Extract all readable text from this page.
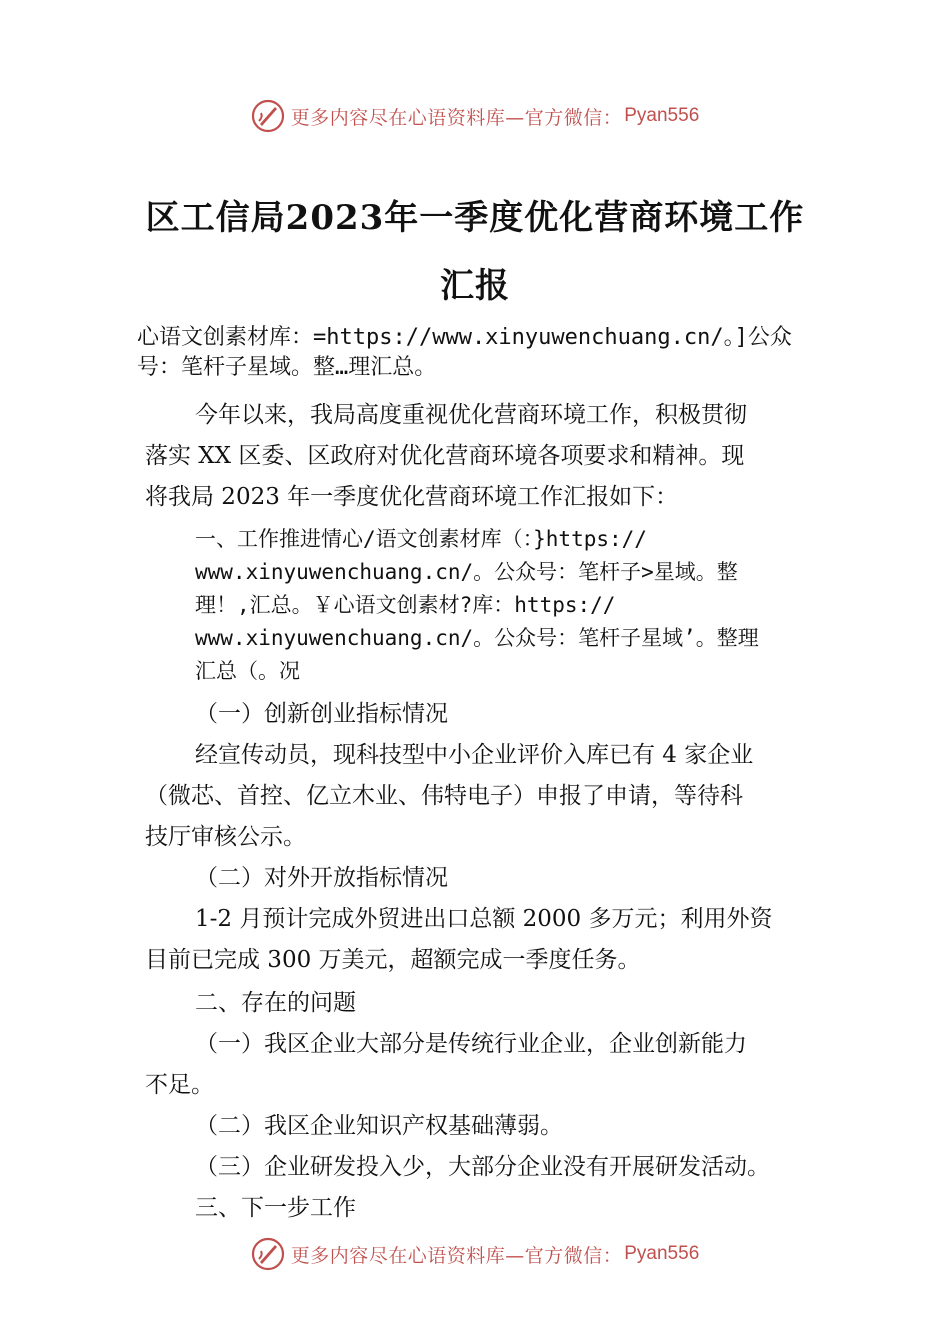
更多内容尽在心语资料库—官方微信： Pyan556
区工信局2023年一季度优化营商环境工作
汇报
心语文创素材库：=https://www.xinyuwenchuang.cn/。]公众
号：笔杆子星域。整…理汇总。
今年以来，我局高度重视优化营商环境工作，积极贯彻
落实 XX 区委、区政府对优化营商环境各项要求和精神。现
将我局 2023 年一季度优化营商环境工作汇报如下：
一、工作推进情心/语文创素材库（：}https://
www.xinyuwenchuang.cn/。公众号：笔杆子>星域。整
理！,汇总。￥心语文创素材?库：https://
www.xinyuwenchuang.cn/。公众号：笔杆子星域’。整理
汇总（。况
（一）创新创业指标情况
经宣传动员，现科技型中小企业评价入库已有 4 家企业
（微芯、首控、亿立木业、伟特电子）申报了申请，等待科
技厅审核公示。
（二）对外开放指标情况
1-2 月预计完成外贸进出口总额 2000 多万元；利用外资
目前已完成 300 万美元，超额完成一季度任务。
二、存在的问题
（一）我区企业大部分是传统行业企业，企业创新能力
不足。
（二）我区企业知识产权基础薄弱。
（三）企业研发投入少，大部分企业没有开展研发活动。
三、下一步工作
更多内容尽在心语资料库—官方微信： Pyan556
